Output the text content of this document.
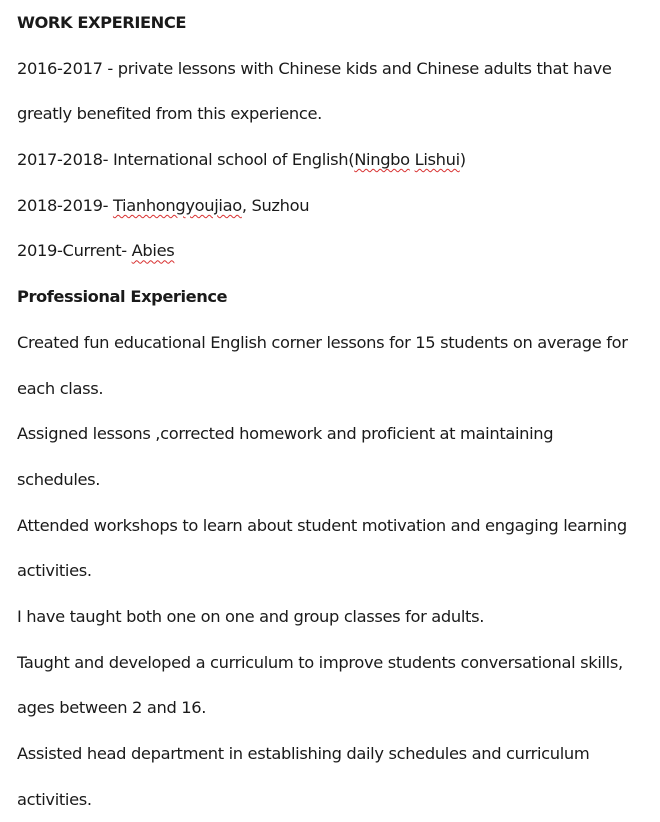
WORK EXPERIENCE
2016-2017 - private lessons with Chinese kids and Chinese adults that have
greatly benefited from this experience.
2017-2018- International school of English(Ningbo Lishui)
2018-2019- Tianhongyoujiao, Suzhou
2019-Current- Abies
Professional Experience
Created fun educational English corner lessons for 15 students on average for
each class.
Assigned lessons ,corrected homework and proficient at maintaining
schedules.
Attended workshops to learn about student motivation and engaging learning
activities.
I have taught both one on one and group classes for adults.
Taught and developed a curriculum to improve students conversational skills,
ages between 2 and 16.
Assisted head department in establishing daily schedules and curriculum
activities.
